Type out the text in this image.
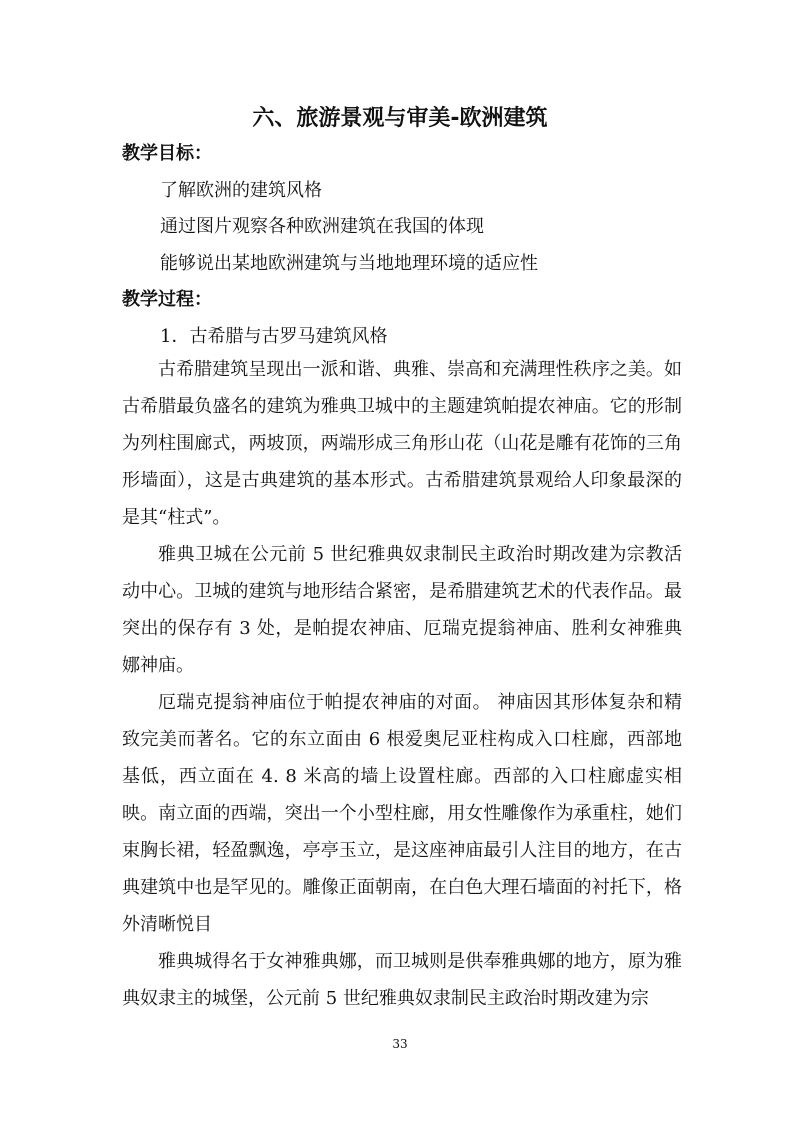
六、旅游景观与审美-欧洲建筑
教学目标：
了解欧洲的建筑风格
通过图片观察各种欧洲建筑在我国的体现
能够说出某地欧洲建筑与当地地理环境的适应性
教学过程：
1．古希腊与古罗马建筑风格

古希腊建筑呈现出一派和谐、典雅、崇高和充满理性秩序之美。如古希腊最负盛名的建筑为雅典卫城中的主题建筑帕提农神庙。它的形制为列柱围廊式，两坡顶，两端形成三角形山花（山花是雕有花饰的三角形墙面），这是古典建筑的基本形式。古希腊建筑景观给人印象最深的是其“柱式”。

雅典卫城在公元前 5 世纪雅典奴隶制民主政治时期改建为宗教活动中心。卫城的建筑与地形结合紧密，是希腊建筑艺术的代表作品。最突出的保存有 3 处，是帕提农神庙、厄瑞克提翁神庙、胜利女神雅典娜神庙。

厄瑞克提翁神庙位于帕提农神庙的对面。 神庙因其形体复杂和精致完美而著名。它的东立面由 6 根爱奥尼亚柱构成入口柱廊，西部地基低，西立面在 4. 8 米高的墙上设置柱廊。西部的入口柱廊虚实相映。南立面的西端，突出一个小型柱廊，用女性雕像作为承重柱，她们束胸长裙，轻盈飘逸，亭亭玉立，是这座神庙最引人注目的地方，在古典建筑中也是罕见的。雕像正面朝南，在白色大理石墙面的衬托下，格外清晰悦目

雅典城得名于女神雅典娜，而卫城则是供奉雅典娜的地方，原为雅典奴隶主的城堡，公元前 5 世纪雅典奴隶制民主政治时期改建为宗

33
